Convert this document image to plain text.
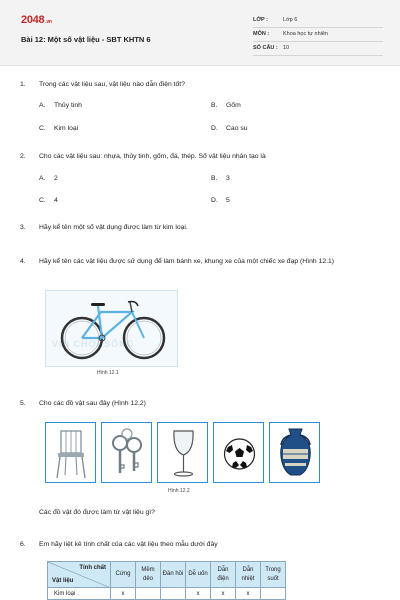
2048.vn
Bài 12: Một số vật liệu - SBT KHTN 6
LỚP :	Lớp 6
MÔN :	Khoa học tự nhiên
SỐ CÂU : 10
1. Trong các vật liệu sau, vật liệu nào dẫn điện tốt?
A. Thủy tinh	B. Gốm
C. Kim loại	D. Cao su
2. Cho các vật liệu sau: nhựa, thủy tinh, gốm, đá, thép. Số vật liệu nhân tạo là
A. 2	B. 3
C. 4	D. 5
3. Hãy kể tên một số vật dụng được làm từ kim loại.
4. Hãy kể tên các vật liệu được sử dụng để làm bánh xe, khung xe của một chiếc xe đạp (Hình 12.1)
VUI CHƠI SỐNG
Hình 12.1
5. Cho các đồ vật sau đây (Hình 12.2)
Hình 12.2
Các đồ vật đó được làm từ vật liệu gì?
6. Em hãy liệt kê tính chất của các vật liệu theo mẫu dưới đây
Tính chất
Vật liệu	Cứng	Mềm dẻo	Đàn hồi	Dễ uốn	Dẫn điện	Dẫn nhiệt	Trong suốt
Kim loại	x			x	x	x	
